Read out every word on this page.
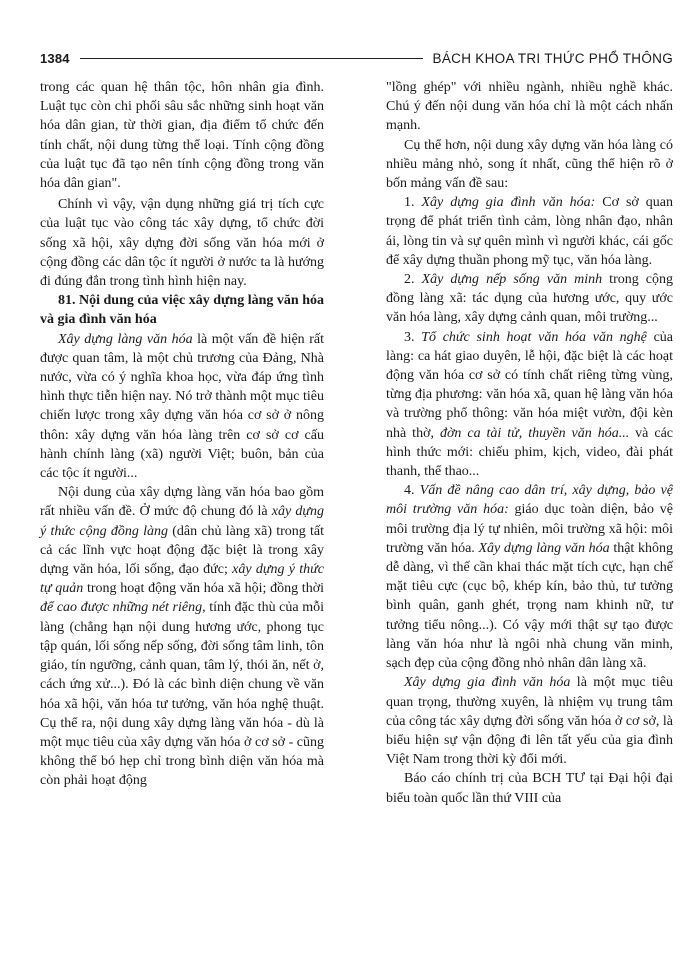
1384	BÁCH KHOA TRI THỨC PHỔ THÔNG

trong các quan hệ thân tộc, hôn nhân gia đình. Luật tục còn chi phối sâu sắc những sinh hoạt văn hóa dân gian, từ thời gian, địa điểm tổ chức đến tính chất, nội dung từng thể loại. Tính cộng đồng của luật tục đã tạo nên tính cộng đồng trong văn hóa dân gian".

Chính vì vậy, vận dụng những giá trị tích cực của luật tục vào công tác xây dựng, tổ chức đời sống xã hội, xây dựng đời sống văn hóa mới ở cộng đồng các dân tộc ít người ở nước ta là hướng đi đúng đắn trong tình hình hiện nay.

81. Nội dung của việc xây dựng làng văn hóa và gia đình văn hóa

Xây dựng làng văn hóa là một vấn đề hiện rất được quan tâm, là một chủ trương của Đảng, Nhà nước, vừa có ý nghĩa khoa học, vừa đáp ứng tình hình thực tiễn hiện nay. Nó trở thành một mục tiêu chiến lược trong xây dựng văn hóa cơ sở ở nông thôn: xây dựng văn hóa làng trên cơ sở cơ cấu hành chính làng (xã) người Việt; buôn, bản của các tộc ít người...

Nội dung của xây dựng làng văn hóa bao gồm rất nhiều vấn đề. Ở mức độ chung đó là xây dựng ý thức cộng đồng làng (dân chủ làng xã) trong tất cả các lĩnh vực hoạt động đặc biệt là trong xây dựng văn hóa, lối sống, đạo đức; xây dựng ý thức tự quản trong hoạt động văn hóa xã hội; đồng thời để cao được những nét riêng, tính đặc thù của mỗi làng (chẳng hạn nội dung hương ước, phong tục tập quán, lối sống nếp sống, đời sống tâm linh, tôn giáo, tín ngưỡng, cảnh quan, tâm lý, thói ăn, nết ở, cách ứng xử...). Đó là các bình diện chung về văn hóa xã hội, văn hóa tư tưởng, văn hóa nghệ thuật. Cụ thể ra, nội dung xây dựng làng văn hóa - dù là một mục tiêu của xây dựng văn hóa ở cơ sở - cũng không thể bó hẹp chỉ trong bình diện văn hóa mà còn phải hoạt động

"lồng ghép" với nhiều ngành, nhiều nghề khác. Chú ý đến nội dung văn hóa chỉ là một cách nhấn mạnh.

Cụ thể hơn, nội dung xây dựng văn hóa làng có nhiều mảng nhỏ, song ít nhất, cũng thể hiện rõ ở bốn mảng vấn đề sau:

1. Xây dựng gia đình văn hóa: Cơ sở quan trọng để phát triển tình cảm, lòng nhân đạo, nhân ái, lòng tin và sự quên mình vì người khác, cái gốc để xây dựng thuần phong mỹ tục, văn hóa làng.

2. Xây dựng nếp sống văn minh trong cộng đồng làng xã: tác dụng của hương ước, quy ước văn hóa làng, xây dựng cảnh quan, môi trường...

3. Tổ chức sinh hoạt văn hóa văn nghệ của làng: ca hát giao duyên, lễ hội, đặc biệt là các hoạt động văn hóa cơ sở có tính chất riêng từng vùng, từng địa phương: văn hóa xã, quan hệ làng văn hóa và trường phổ thông: văn hóa miệt vườn, đội kèn nhà thờ, đờn ca tài tử, thuyền văn hóa... và các hình thức mới: chiếu phim, kịch, video, đài phát thanh, thể thao...

4. Vấn đề nâng cao dân trí, xây dựng, bảo vệ môi trường văn hóa: giáo dục toàn diện, bảo vệ môi trường địa lý tự nhiên, môi trường xã hội: môi trường văn hóa. Xây dựng làng văn hóa thật không dễ dàng, vì thế cần khai thác mặt tích cực, hạn chế mặt tiêu cực (cục bộ, khép kín, bảo thủ, tư tưởng bình quân, ganh ghét, trọng nam khinh nữ, tư tưởng tiểu nông...). Có vậy mới thật sự tạo được làng văn hóa như là ngôi nhà chung văn minh, sạch đẹp của cộng đồng nhỏ nhân dân làng xã.

Xây dựng gia đình văn hóa là một mục tiêu quan trọng, thường xuyên, là nhiệm vụ trung tâm của công tác xây dựng đời sống văn hóa ở cơ sở, là biểu hiện sự vận động đi lên tất yếu của gia đình Việt Nam trong thời kỳ đổi mới.

Báo cáo chính trị của BCH TƯ tại Đại hội đại biểu toàn quốc lần thứ VIII của
